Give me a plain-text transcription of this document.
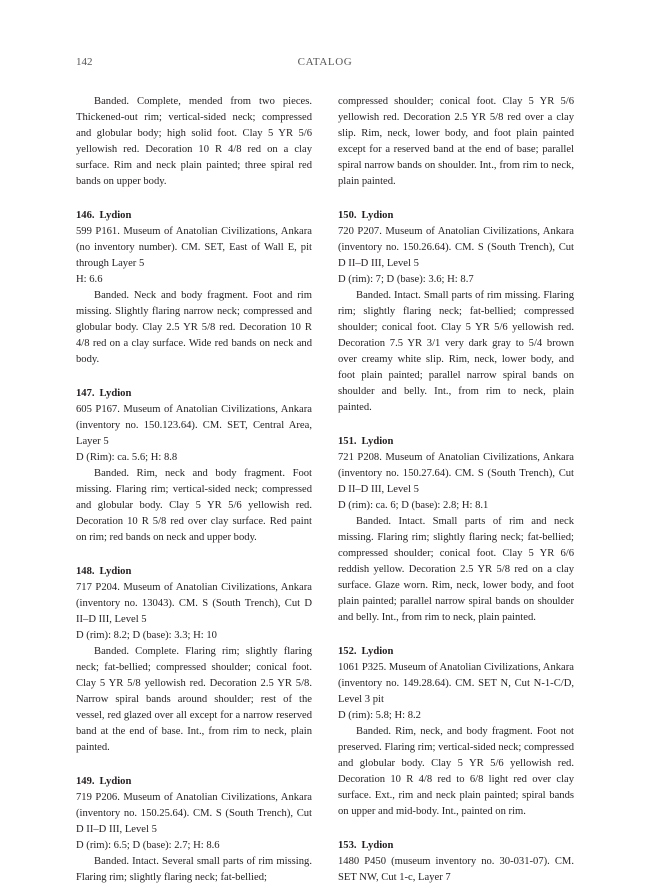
142	CATALOG

Banded. Complete, mended from two pieces. Thickened-out rim; vertical-sided neck; compressed and globular body; high solid foot. Clay 5 YR 5/6 yellowish red. Decoration 10 R 4/8 red on a clay surface. Rim and neck plain painted; three spiral red bands on upper body.

146. Lydion

599 P161. Museum of Anatolian Civilizations, Ankara (no inventory number). CM. SET, East of Wall E, pit through Layer 5

H: 6.6

Banded. Neck and body fragment. Foot and rim missing. Slightly flaring narrow neck; compressed and globular body. Clay 2.5 YR 5/8 red. Decoration 10 R 4/8 red on a clay surface. Wide red bands on neck and body.

147. Lydion

605 P167. Museum of Anatolian Civilizations, Ankara (inventory no. 150.123.64). CM. SET, Central Area, Layer 5

D (Rim): ca. 5.6; H: 8.8

Banded. Rim, neck and body fragment. Foot missing. Flaring rim; vertical-sided neck; compressed and globular body. Clay 5 YR 5/6 yellowish red. Decoration 10 R 5/8 red over clay surface. Red paint on rim; red bands on neck and upper body.

148. Lydion

717 P204. Museum of Anatolian Civilizations, Ankara (inventory no. 13043). CM. S (South Trench), Cut D II–D III, Level 5

D (rim): 8.2; D (base): 3.3; H: 10

Banded. Complete. Flaring rim; slightly flaring neck; fat-bellied; compressed shoulder; conical foot. Clay 5 YR 5/8 yellowish red. Decoration 2.5 YR 5/8. Narrow spiral bands around shoulder; rest of the vessel, red glazed over all except for a narrow reserved band at the end of base. Int., from rim to neck, plain painted.

149. Lydion

719 P206. Museum of Anatolian Civilizations, Ankara (inventory no. 150.25.64). CM. S (South Trench), Cut D II–D III, Level 5

D (rim): 6.5; D (base): 2.7; H: 8.6

Banded. Intact. Several small parts of rim missing. Flaring rim; slightly flaring neck; fat-bellied;

compressed shoulder; conical foot. Clay 5 YR 5/6 yellowish red. Decoration 2.5 YR 5/8 red over a clay slip. Rim, neck, lower body, and foot plain painted except for a reserved band at the end of base; parallel spiral narrow bands on shoulder. Int., from rim to neck, plain painted.

150. Lydion

720 P207. Museum of Anatolian Civilizations, Ankara (inventory no. 150.26.64). CM. S (South Trench), Cut D II–D III, Level 5

D (rim): 7; D (base): 3.6; H: 8.7

Banded. Intact. Small parts of rim missing. Flaring rim; slightly flaring neck; fat-bellied; compressed shoulder; conical foot. Clay 5 YR 5/6 yellowish red. Decoration 7.5 YR 3/1 very dark gray to 5/4 brown over creamy white slip. Rim, neck, lower body, and foot plain painted; parallel narrow spiral bands on shoulder and belly. Int., from rim to neck, plain painted.

151. Lydion

721 P208. Museum of Anatolian Civilizations, Ankara (inventory no. 150.27.64). CM. S (South Trench), Cut D II–D III, Level 5

D (rim): ca. 6; D (base): 2.8; H: 8.1

Banded. Intact. Small parts of rim and neck missing. Flaring rim; slightly flaring neck; fat-bellied; compressed shoulder; conical foot. Clay 5 YR 6/6 reddish yellow. Decoration 2.5 YR 5/8 red on a clay surface. Glaze worn. Rim, neck, lower body, and foot plain painted; parallel narrow spiral bands on shoulder and belly. Int., from rim to neck, plain painted.

152. Lydion

1061 P325. Museum of Anatolian Civilizations, Ankara (inventory no. 149.28.64). CM. SET N, Cut N-1-C/D, Level 3 pit

D (rim): 5.8; H: 8.2

Banded. Rim, neck, and body fragment. Foot not preserved. Flaring rim; vertical-sided neck; compressed and globular body. Clay 5 YR 5/6 yellowish red. Decoration 10 R 4/8 red to 6/8 light red over clay surface. Ext., rim and neck plain painted; spiral bands on upper and mid-body. Int., painted on rim.

153. Lydion

1480 P450 (museum inventory no. 30-031-07). CM. SET NW, Cut 1-c, Layer 7
